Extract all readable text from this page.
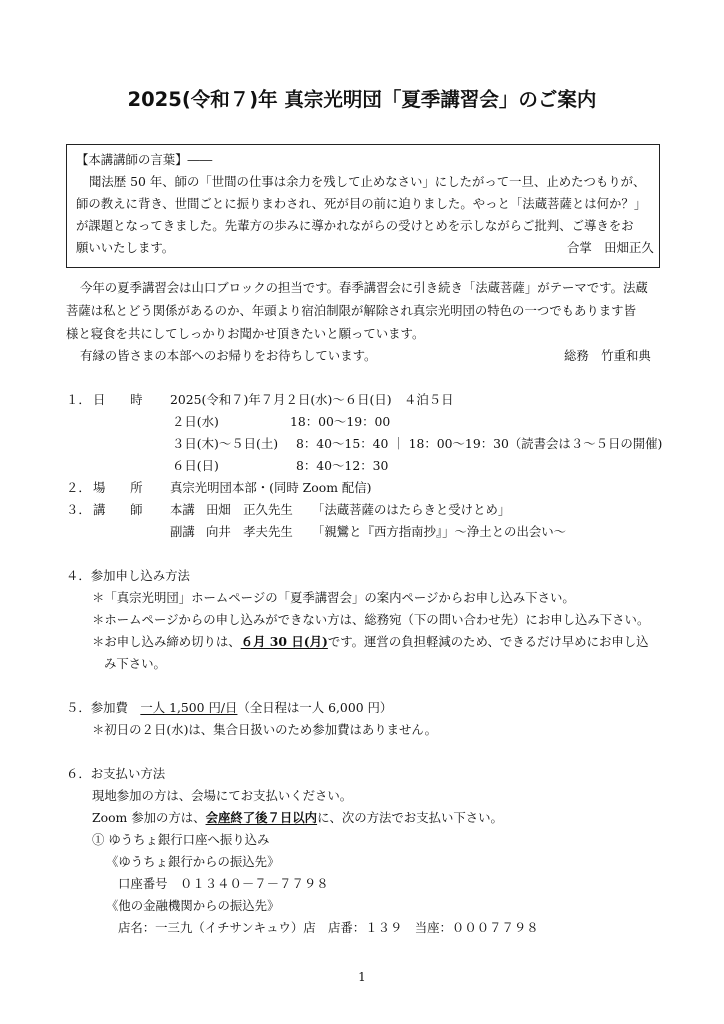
2025(令和７)年 真宗光明団「夏季講習会」のご案内
【本講講師の言葉】――
聞法歴 50 年、師の「世間の仕事は余力を残して止めなさい」にしたがって一旦、止めたつもりが、
師の教えに背き、世間ごとに振りまわされ、死が目の前に迫りました。やっと「法蔵菩薩とは何か？」
が課題となってきました。先輩方の歩みに導かれながらの受けとめを示しながらご批判、ご導きをお
願いいたします。	合掌　田畑正久
今年の夏季講習会は山口ブロックの担当です。春季講習会に引き続き「法蔵菩薩」がテーマです。法蔵
菩薩は私とどう関係があるのか、年頭より宿泊制限が解除され真宗光明団の特色の一つでもあります皆
様と寝食を共にしてしっかりお聞かせ頂きたいと願っています。
有縁の皆さまの本部へのお帰りをお待ちしています。	総務　竹重和典
１． 日　　時 2025(令和７)年７月２日(水)～６日(日)　４泊５日
２日(水)	18：00～19：00
３日(木)～５日(土) 8：40～15：40 ｜ 18：00～19：30（読書会は３～５日の開催)
６日(日)	8：40～12：30
２． 場　　所 真宗光明団本部・(同時 Zoom 配信)
３． 講　　師 本講 田畑　正久先生 「法蔵菩薩のはたらきと受けとめ」
副講 向井　孝夫先生 「親鸞と『西方指南抄』」～浄土との出会い～
４．参加申し込み方法
＊「真宗光明団」ホームページの「夏季講習会」の案内ページからお申し込み下さい。
＊ホームページからの申し込みができない方は、総務宛（下の問い合わせ先）にお申し込み下さい。
＊お申し込み締め切りは、６月 30 日(月)です。運営の負担軽減のため、できるだけ早めにお申し込
み下さい。
５．参加費　一人 1,500 円/日（全日程は一人 6,000 円）
＊初日の２日(水)は、集合日扱いのため参加費はありません。
６．お支払い方法
現地参加の方は、会場にてお支払いください。
Zoom 参加の方は、会座終了後７日以内に、次の方法でお支払い下さい。
① ゆうちょ銀行口座へ振り込み
《ゆうちょ銀行からの振込先》
口座番号　０１３４０－７－７７９８
《他の金融機関からの振込先》
店名：一三九（イチサンキュウ）店　店番：１３９　当座：０００７７９８
1
